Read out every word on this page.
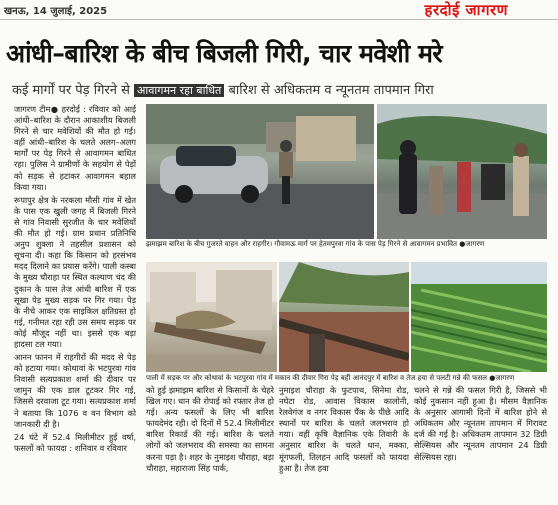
खनऊ, 14 जुलाई, 2025	हरदोई जागरण
आंधी–बारिश के बीच बिजली गिरी, चार मवेशी मरे
कई मार्गों पर पेड़ गिरने से आवागमन रहा बाधित बारिश से अधिकतम व न्यूनतम तापमान गिरा

जागरण टीम● हरदोई : रविवार को आई आंधी–बारिश के दौरान आकाशीय बिजली गिरने से चार मवेशियों की मौत हो गई। वहीं आंधी–बारिश के चलते अलग–अलग मार्गों पर पेड़ गिरने से आवागमन बाधित रहा। पुलिस ने ग्रामीणों के सहयोग से पेड़ों को सड़क से हटाकर आवागमन बहाल किया गया।

रूपापुर क्षेत्र के नरकला मौसी गांव में खेत के पास एक खुली जगह में बिजली गिरने से गांव निवासी सुरजीत के चार मवेशियों की मौत हो गई। ग्राम प्रधान प्रतिनिधि अनुप शुक्ला ने तहसील प्रशासन को सूचना दी। कहा कि किसान को हरसंभव मदद दिलाने का प्रयास करेंगे। पाली कस्बा के मुख्य चौराहा पर स्थित कल्याण चंद की दुकान के पास तेज आंधी बारिश में एक सूखा पेड़ मुख्य सड़क पर गिर गया। पेड़ के नीचे आकर एक साइकिल क्षतिग्रस्त हो गई, गनीमत रहा रही उस समय सड़क पर कोई मौजूद नहीं था। इससे एक बड़ा हादसा टल गया।

आनन फानन में राहगीरों की मदद से पेड़ को हटाया गया। कोथावां के भटपुरवा गांव निवासी सत्यप्रकाश शर्मा की दीवार पर जामुन की एक डाल टूटकर गिर गई, जिससे दरवाजा टूट गया। सत्यप्रकाश शर्मा ने बताया कि 1076 व वन विभाग को जानकारी दी है।

24 घंटे में 52.4 मिलीमीटर हुई वर्षा, फसलों को फायदा : शनिवार व रविवार

झमाझम बारिश के बीच गुजरते वाहन और राहगीर। गौवामऊ मार्ग पर हेतमपुरवा गांव के पास पेड़ गिरने से आवागमन प्रभावित ●जागरण
पाली में सड़क पर और कोथावां के भटपुरवा गांव में मकान की दीवार गिरा पेड़ बहीं आनंदपुर में बारिश व तेज हवा से पलटी गन्ने की फसल ●जागरण

को हुई झमाझम बारिश से किसानों के चेहरे खिल गए। धान की रोपाई को रफ्तार तेज हो गई। अन्य फसलों के लिए भी बारिश फायदेमंद रही। दो दिनों में 52.4 मिलीमीटर बारिश रिकार्ड की गई। बारिश के चलते लोगों को जलभराव की समस्या का सामना करना पड़ा है। शहर के नुमाइश चौराहा, बड़ा चौराहा, महाराजा सिंह पार्क,

नुमाइश चौराहा के फुटपाथ, सिनेमा रोड, नघेटा रोड, आवास विकास कालोनी, रेलवेगंज व नगर विकास पैंक के पीछे आदि स्थानों पर बारिश के चलते जलभराव हो गया। वहीं कृषि वैज्ञानिक एके तिवारी के अनुसार बारिश के चलते धान, मक्का, मूंगफली, तिलहन आदि फसलों को फायदा हुआ है। तेज हवा

चलने से गन्ने की फसल गिरी है, जिससे भी कोई नुकसान नहीं हुआ है। मौसम वैज्ञानिक के अनुसार आगामी दिनों में बारिश होने से अधिकतम और न्यूनतम तापमान में गिरावट दर्ज की गई है। अधिकतम तापमान 32 डिग्री सेल्सियस और न्यूनतम तापमान 24 डिग्री सेल्सियस रहा।
